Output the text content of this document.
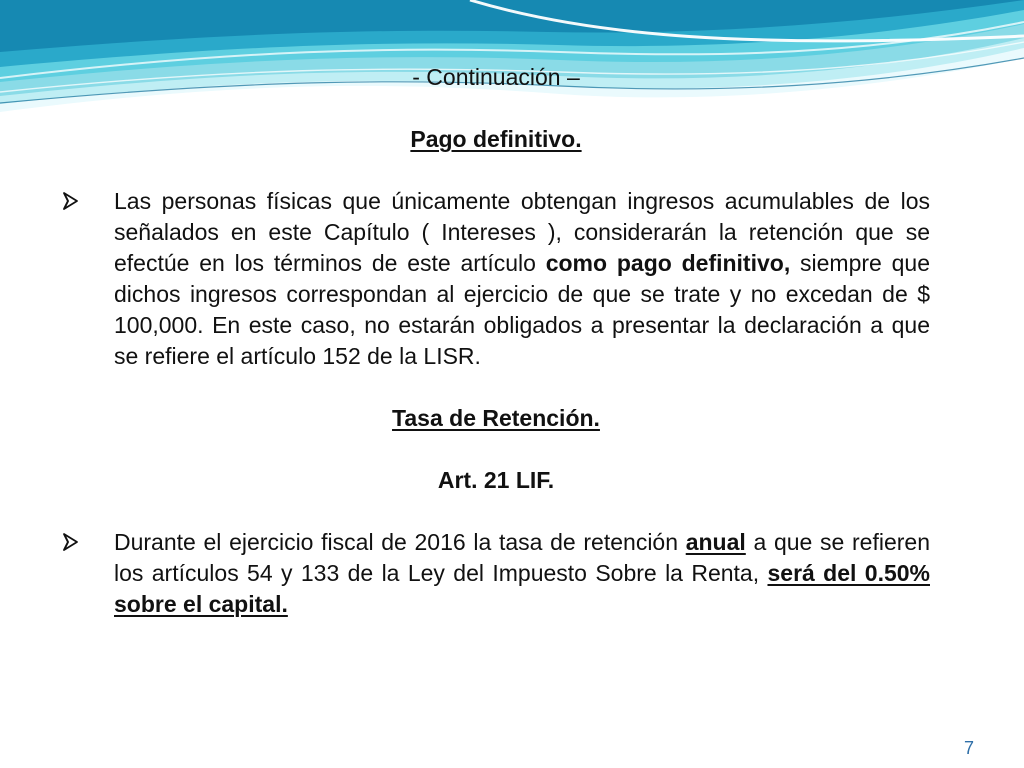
- Continuación –
Pago definitivo.
Las personas físicas que únicamente obtengan ingresos acumulables de los señalados en este Capítulo ( Intereses ), considerarán la retención que se efectúe en los términos de este artículo como pago definitivo, siempre que dichos ingresos correspondan al ejercicio de que se trate y no excedan de $ 100,000. En este caso, no estarán obligados a presentar la declaración a que se refiere el artículo 152 de la LISR.
Tasa de Retención.
Art. 21 LIF.
Durante el ejercicio fiscal de 2016 la tasa de retención anual a que se refieren los artículos 54 y 133 de la Ley del Impuesto Sobre la Renta, será del 0.50% sobre el capital.
7
